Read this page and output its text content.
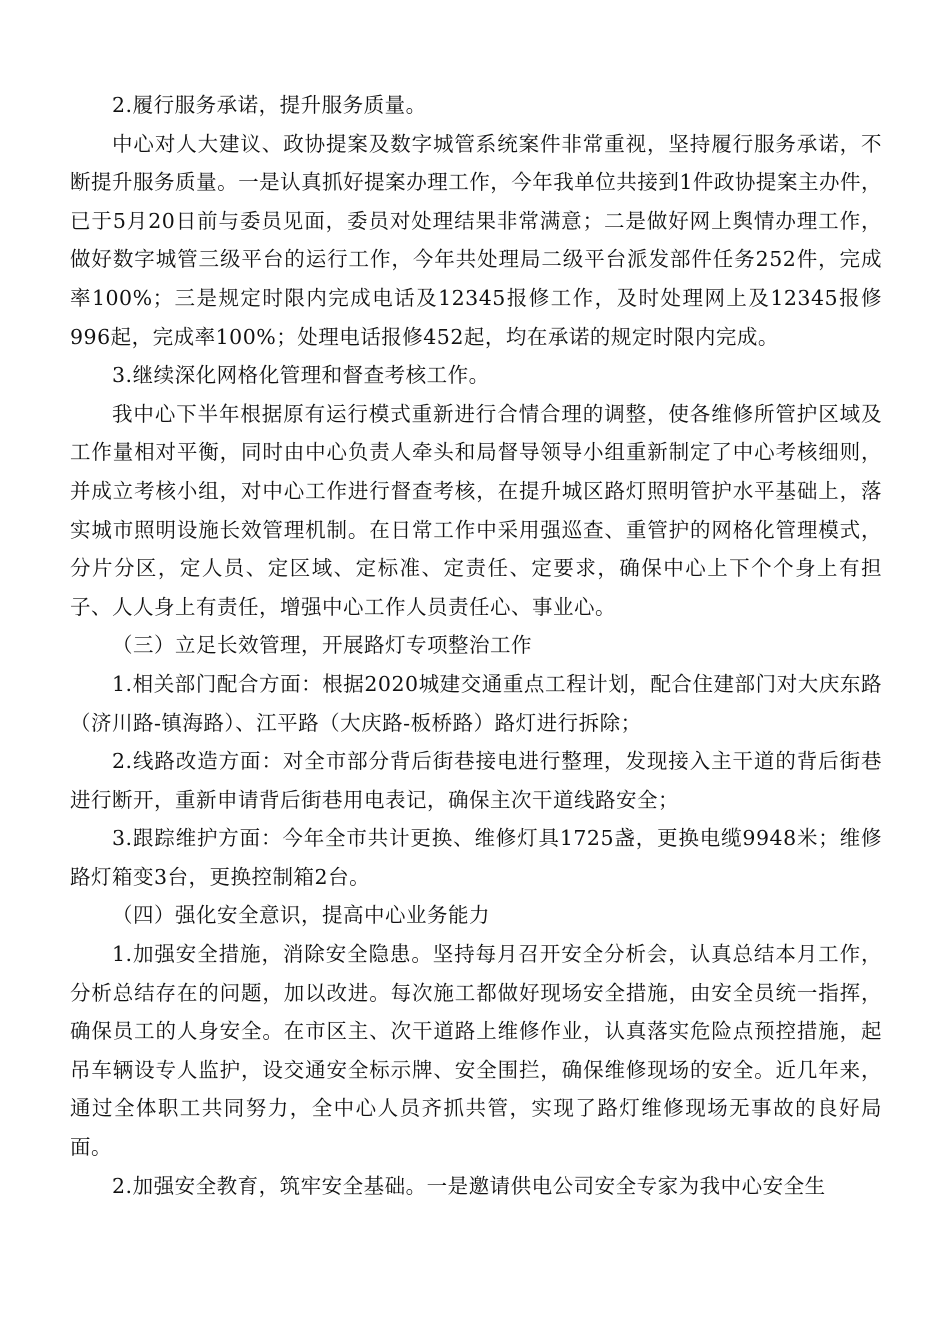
2.履行服务承诺，提升服务质量。

中心对人大建议、政协提案及数字城管系统案件非常重视，坚持履行服务承诺，不断提升服务质量。一是认真抓好提案办理工作，今年我单位共接到1件政协提案主办件，已于5月20日前与委员见面，委员对处理结果非常满意；二是做好网上舆情办理工作，做好数字城管三级平台的运行工作，今年共处理局二级平台派发部件任务252件，完成率100%；三是规定时限内完成电话及12345报修工作，及时处理网上及12345报修996起，完成率100%；处理电话报修452起，均在承诺的规定时限内完成。

3.继续深化网格化管理和督查考核工作。

我中心下半年根据原有运行模式重新进行合情合理的调整，使各维修所管护区域及工作量相对平衡，同时由中心负责人牵头和局督导领导小组重新制定了中心考核细则，并成立考核小组，对中心工作进行督查考核，在提升城区路灯照明管护水平基础上，落实城市照明设施长效管理机制。在日常工作中采用强巡查、重管护的网格化管理模式，分片分区，定人员、定区域、定标准、定责任、定要求，确保中心上下个个身上有担子、人人身上有责任，增强中心工作人员责任心、事业心。

（三）立足长效管理，开展路灯专项整治工作

1.相关部门配合方面：根据2020城建交通重点工程计划，配合住建部门对大庆东路（济川路-镇海路）、江平路（大庆路-板桥路）路灯进行拆除；

2.线路改造方面：对全市部分背后街巷接电进行整理，发现接入主干道的背后街巷进行断开，重新申请背后街巷用电表记，确保主次干道线路安全；

3.跟踪维护方面：今年全市共计更换、维修灯具1725盏，更换电缆9948米；维修路灯箱变3台，更换控制箱2台。

（四）强化安全意识，提高中心业务能力

1.加强安全措施，消除安全隐患。坚持每月召开安全分析会，认真总结本月工作，分析总结存在的问题，加以改进。每次施工都做好现场安全措施，由安全员统一指挥，确保员工的人身安全。在市区主、次干道路上维修作业，认真落实危险点预控措施，起吊车辆设专人监护，设交通安全标示牌、安全围拦，确保维修现场的安全。近几年来，通过全体职工共同努力，全中心人员齐抓共管，实现了路灯维修现场无事故的良好局面。

2.加强安全教育，筑牢安全基础。一是邀请供电公司安全专家为我中心安全生
